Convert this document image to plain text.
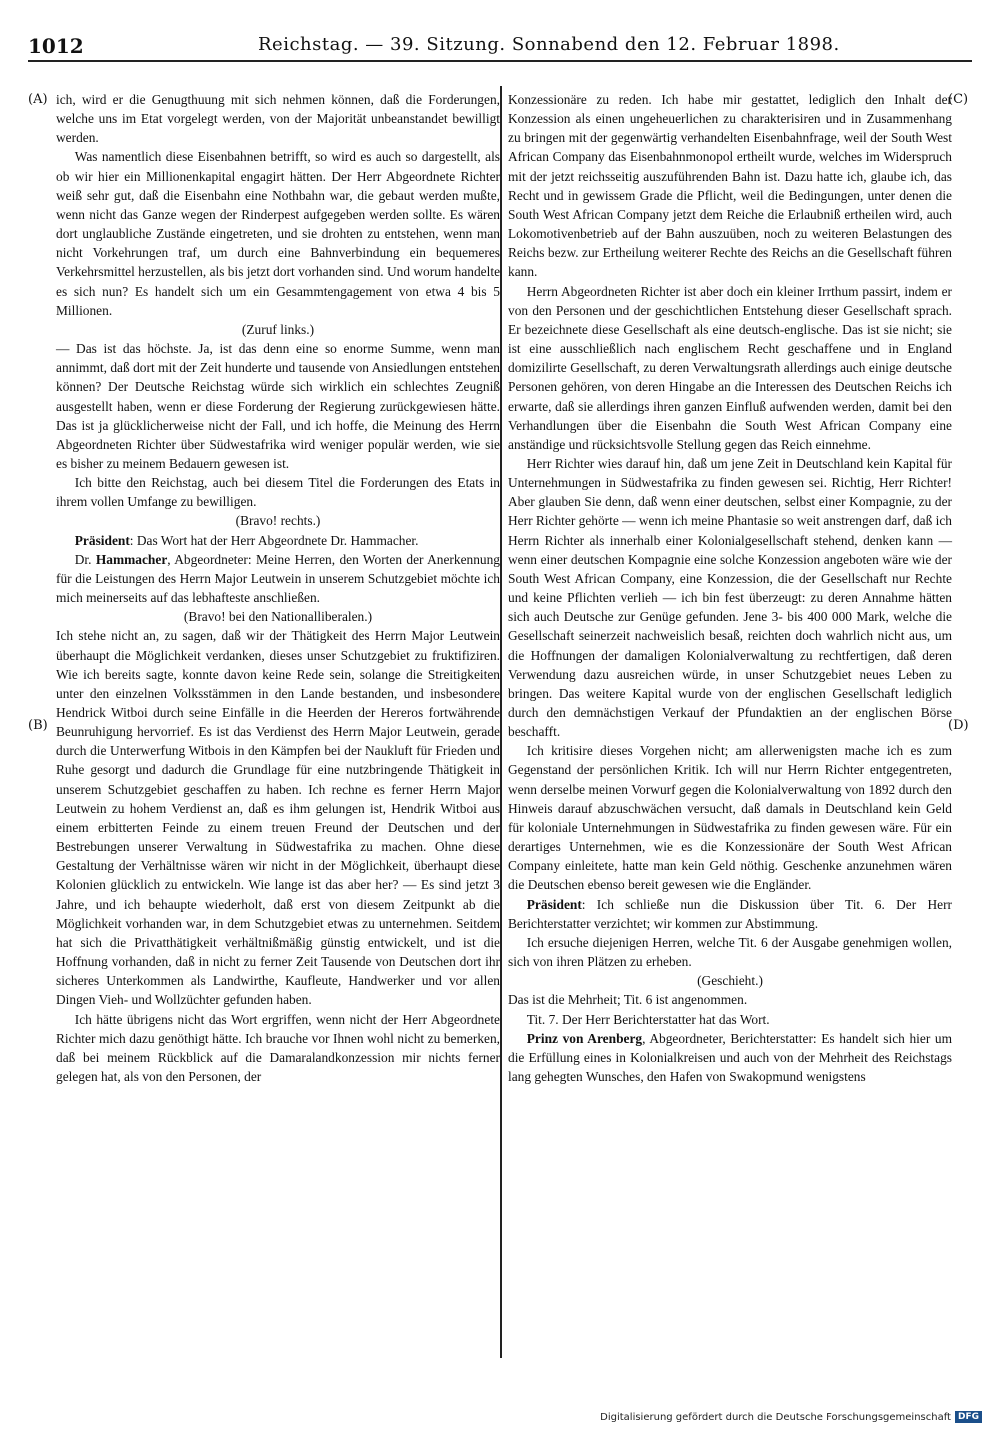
1012	Reichstag. — 39. Sitzung. Sonnabend den 12. Februar 1898.
(A)
(B)
(C)
(D)

ich, wird er die Genugthuung mit sich nehmen können, daß die Forderungen, welche uns im Etat vorgelegt werden, von der Majorität unbeanstandet bewilligt werden.

Was namentlich diese Eisenbahnen betrifft, so wird es auch so dargestellt, als ob wir hier ein Millionenkapital engagirt hätten. Der Herr Abgeordnete Richter weiß sehr gut, daß die Eisenbahn eine Nothbahn war, die gebaut werden mußte, wenn nicht das Ganze wegen der Rinderpest aufgegeben werden sollte. Es wären dort unglaubliche Zustände eingetreten, und sie drohten zu entstehen, wenn man nicht Vorkehrungen traf, um durch eine Bahnverbindung ein bequemeres Verkehrsmittel herzustellen, als bis jetzt dort vorhanden sind. Und worum handelte es sich nun? Es handelt sich um ein Gesammtengagement von etwa 4 bis 5 Millionen.

(Zuruf links.)

— Das ist das höchste. Ja, ist das denn eine so enorme Summe, wenn man annimmt, daß dort mit der Zeit hunderte und tausende von Ansiedlungen entstehen können? Der Deutsche Reichstag würde sich wirklich ein schlechtes Zeugniß ausgestellt haben, wenn er diese Forderung der Regierung zurückgewiesen hätte. Das ist ja glücklicherweise nicht der Fall, und ich hoffe, die Meinung des Herrn Abgeordneten Richter über Südwestafrika wird weniger populär werden, wie sie es bisher zu meinem Bedauern gewesen ist.

Ich bitte den Reichstag, auch bei diesem Titel die Forderungen des Etats in ihrem vollen Umfange zu bewilligen.

(Bravo! rechts.)

Präsident: Das Wort hat der Herr Abgeordnete Dr. Hammacher.

Dr. Hammacher, Abgeordneter: Meine Herren, den Worten der Anerkennung für die Leistungen des Herrn Major Leutwein in unserem Schutzgebiet möchte ich mich meinerseits auf das lebhafteste anschließen.

(Bravo! bei den Nationalliberalen.)

Ich stehe nicht an, zu sagen, daß wir der Thätigkeit des Herrn Major Leutwein überhaupt die Möglichkeit verdanken, dieses unser Schutzgebiet zu fruktifiziren. Wie ich bereits sagte, konnte davon keine Rede sein, solange die Streitigkeiten unter den einzelnen Volksstämmen in den Lande bestanden, und insbesondere Hendrick Witboi durch seine Einfälle in die Heerden der Hereros fortwährende Beunruhigung hervorrief. Es ist das Verdienst des Herrn Major Leutwein, gerade durch die Unterwerfung Witbois in den Kämpfen bei der Naukluft für Frieden und Ruhe gesorgt und dadurch die Grundlage für eine nutzbringende Thätigkeit in unserem Schutzgebiet geschaffen zu haben. Ich rechne es ferner Herrn Major Leutwein zu hohem Verdienst an, daß es ihm gelungen ist, Hendrik Witboi aus einem erbitterten Feinde zu einem treuen Freund der Deutschen und der Bestrebungen unserer Verwaltung in Südwestafrika zu machen. Ohne diese Gestaltung der Verhältnisse wären wir nicht in der Möglichkeit, überhaupt diese Kolonien glücklich zu entwickeln. Wie lange ist das aber her? — Es sind jetzt 3 Jahre, und ich behaupte wiederholt, daß erst von diesem Zeitpunkt ab die Möglichkeit vorhanden war, in dem Schutzgebiet etwas zu unternehmen. Seitdem hat sich die Privatthätigkeit verhältnißmäßig günstig entwickelt, und ist die Hoffnung vorhanden, daß in nicht zu ferner Zeit Tausende von Deutschen dort ihr sicheres Unterkommen als Landwirthe, Kaufleute, Handwerker und vor allen Dingen Vieh- und Wollzüchter gefunden haben.

Ich hätte übrigens nicht das Wort ergriffen, wenn nicht der Herr Abgeordnete Richter mich dazu genöthigt hätte. Ich brauche vor Ihnen wohl nicht zu bemerken, daß bei meinem Rückblick auf die Damaralandkonzession mir nichts ferner gelegen hat, als von den Personen, der

Konzessionäre zu reden. Ich habe mir gestattet, lediglich den Inhalt der Konzession als einen ungeheuerlichen zu charakterisiren und in Zusammenhang zu bringen mit der gegenwärtig verhandelten Eisenbahnfrage, weil der South West African Company das Eisenbahnmonopol ertheilt wurde, welches im Widerspruch mit der jetzt reichsseitig auszuführenden Bahn ist. Dazu hatte ich, glaube ich, das Recht und in gewissem Grade die Pflicht, weil die Bedingungen, unter denen die South West African Company jetzt dem Reiche die Erlaubniß ertheilen wird, auch Lokomotivenbetrieb auf der Bahn auszuüben, noch zu weiteren Belastungen des Reichs bezw. zur Ertheilung weiterer Rechte des Reichs an die Gesellschaft führen kann.

Herrn Abgeordneten Richter ist aber doch ein kleiner Irrthum passirt, indem er von den Personen und der geschichtlichen Entstehung dieser Gesellschaft sprach. Er bezeichnete diese Gesellschaft als eine deutsch-englische. Das ist sie nicht; sie ist eine ausschließlich nach englischem Recht geschaffene und in England domizilirte Gesellschaft, zu deren Verwaltungsrath allerdings auch einige deutsche Personen gehören, von deren Hingabe an die Interessen des Deutschen Reichs ich erwarte, daß sie allerdings ihren ganzen Einfluß aufwenden werden, damit bei den Verhandlungen über die Eisenbahn die South West African Company eine anständige und rücksichtsvolle Stellung gegen das Reich einnehme.

Herr Richter wies darauf hin, daß um jene Zeit in Deutschland kein Kapital für Unternehmungen in Südwestafrika zu finden gewesen sei. Richtig, Herr Richter! Aber glauben Sie denn, daß wenn einer deutschen, selbst einer Kompagnie, zu der Herr Richter gehörte — wenn ich meine Phantasie so weit anstrengen darf, daß ich Herrn Richter als innerhalb einer Kolonialgesellschaft stehend, denken kann — wenn einer deutschen Kompagnie eine solche Konzession angeboten wäre wie der South West African Company, eine Konzession, die der Gesellschaft nur Rechte und keine Pflichten verlieh — ich bin fest überzeugt: zu deren Annahme hätten sich auch Deutsche zur Genüge gefunden. Jene 3- bis 400 000 Mark, welche die Gesellschaft seinerzeit nachweislich besaß, reichten doch wahrlich nicht aus, um die Hoffnungen der damaligen Kolonialverwaltung zu rechtfertigen, daß deren Verwendung dazu ausreichen würde, in unser Schutzgebiet neues Leben zu bringen. Das weitere Kapital wurde von der englischen Gesellschaft lediglich durch den demnächstigen Verkauf der Pfundaktien an der englischen Börse beschafft.

Ich kritisire dieses Vorgehen nicht; am allerwenigsten mache ich es zum Gegenstand der persönlichen Kritik. Ich will nur Herrn Richter entgegentreten, wenn derselbe meinen Vorwurf gegen die Kolonialverwaltung von 1892 durch den Hinweis darauf abzuschwächen versucht, daß damals in Deutschland kein Geld für koloniale Unternehmungen in Südwestafrika zu finden gewesen wäre. Für ein derartiges Unternehmen, wie es die Konzessionäre der South West African Company einleitete, hatte man kein Geld nöthig. Geschenke anzunehmen wären die Deutschen ebenso bereit gewesen wie die Engländer.

Präsident: Ich schließe nun die Diskussion über Tit. 6. Der Herr Berichterstatter verzichtet; wir kommen zur Abstimmung.

Ich ersuche diejenigen Herren, welche Tit. 6 der Ausgabe genehmigen wollen, sich von ihren Plätzen zu erheben.

(Geschieht.)

Das ist die Mehrheit; Tit. 6 ist angenommen.

Tit. 7. Der Herr Berichterstatter hat das Wort.

Prinz von Arenberg, Abgeordneter, Berichterstatter: Es handelt sich hier um die Erfüllung eines in Kolonialkreisen und auch von der Mehrheit des Reichstags lang gehegten Wunsches, den Hafen von Swakopmund wenigstens

Digitalisierung gefördert durch die Deutsche Forschungsgemeinschaft DFG
